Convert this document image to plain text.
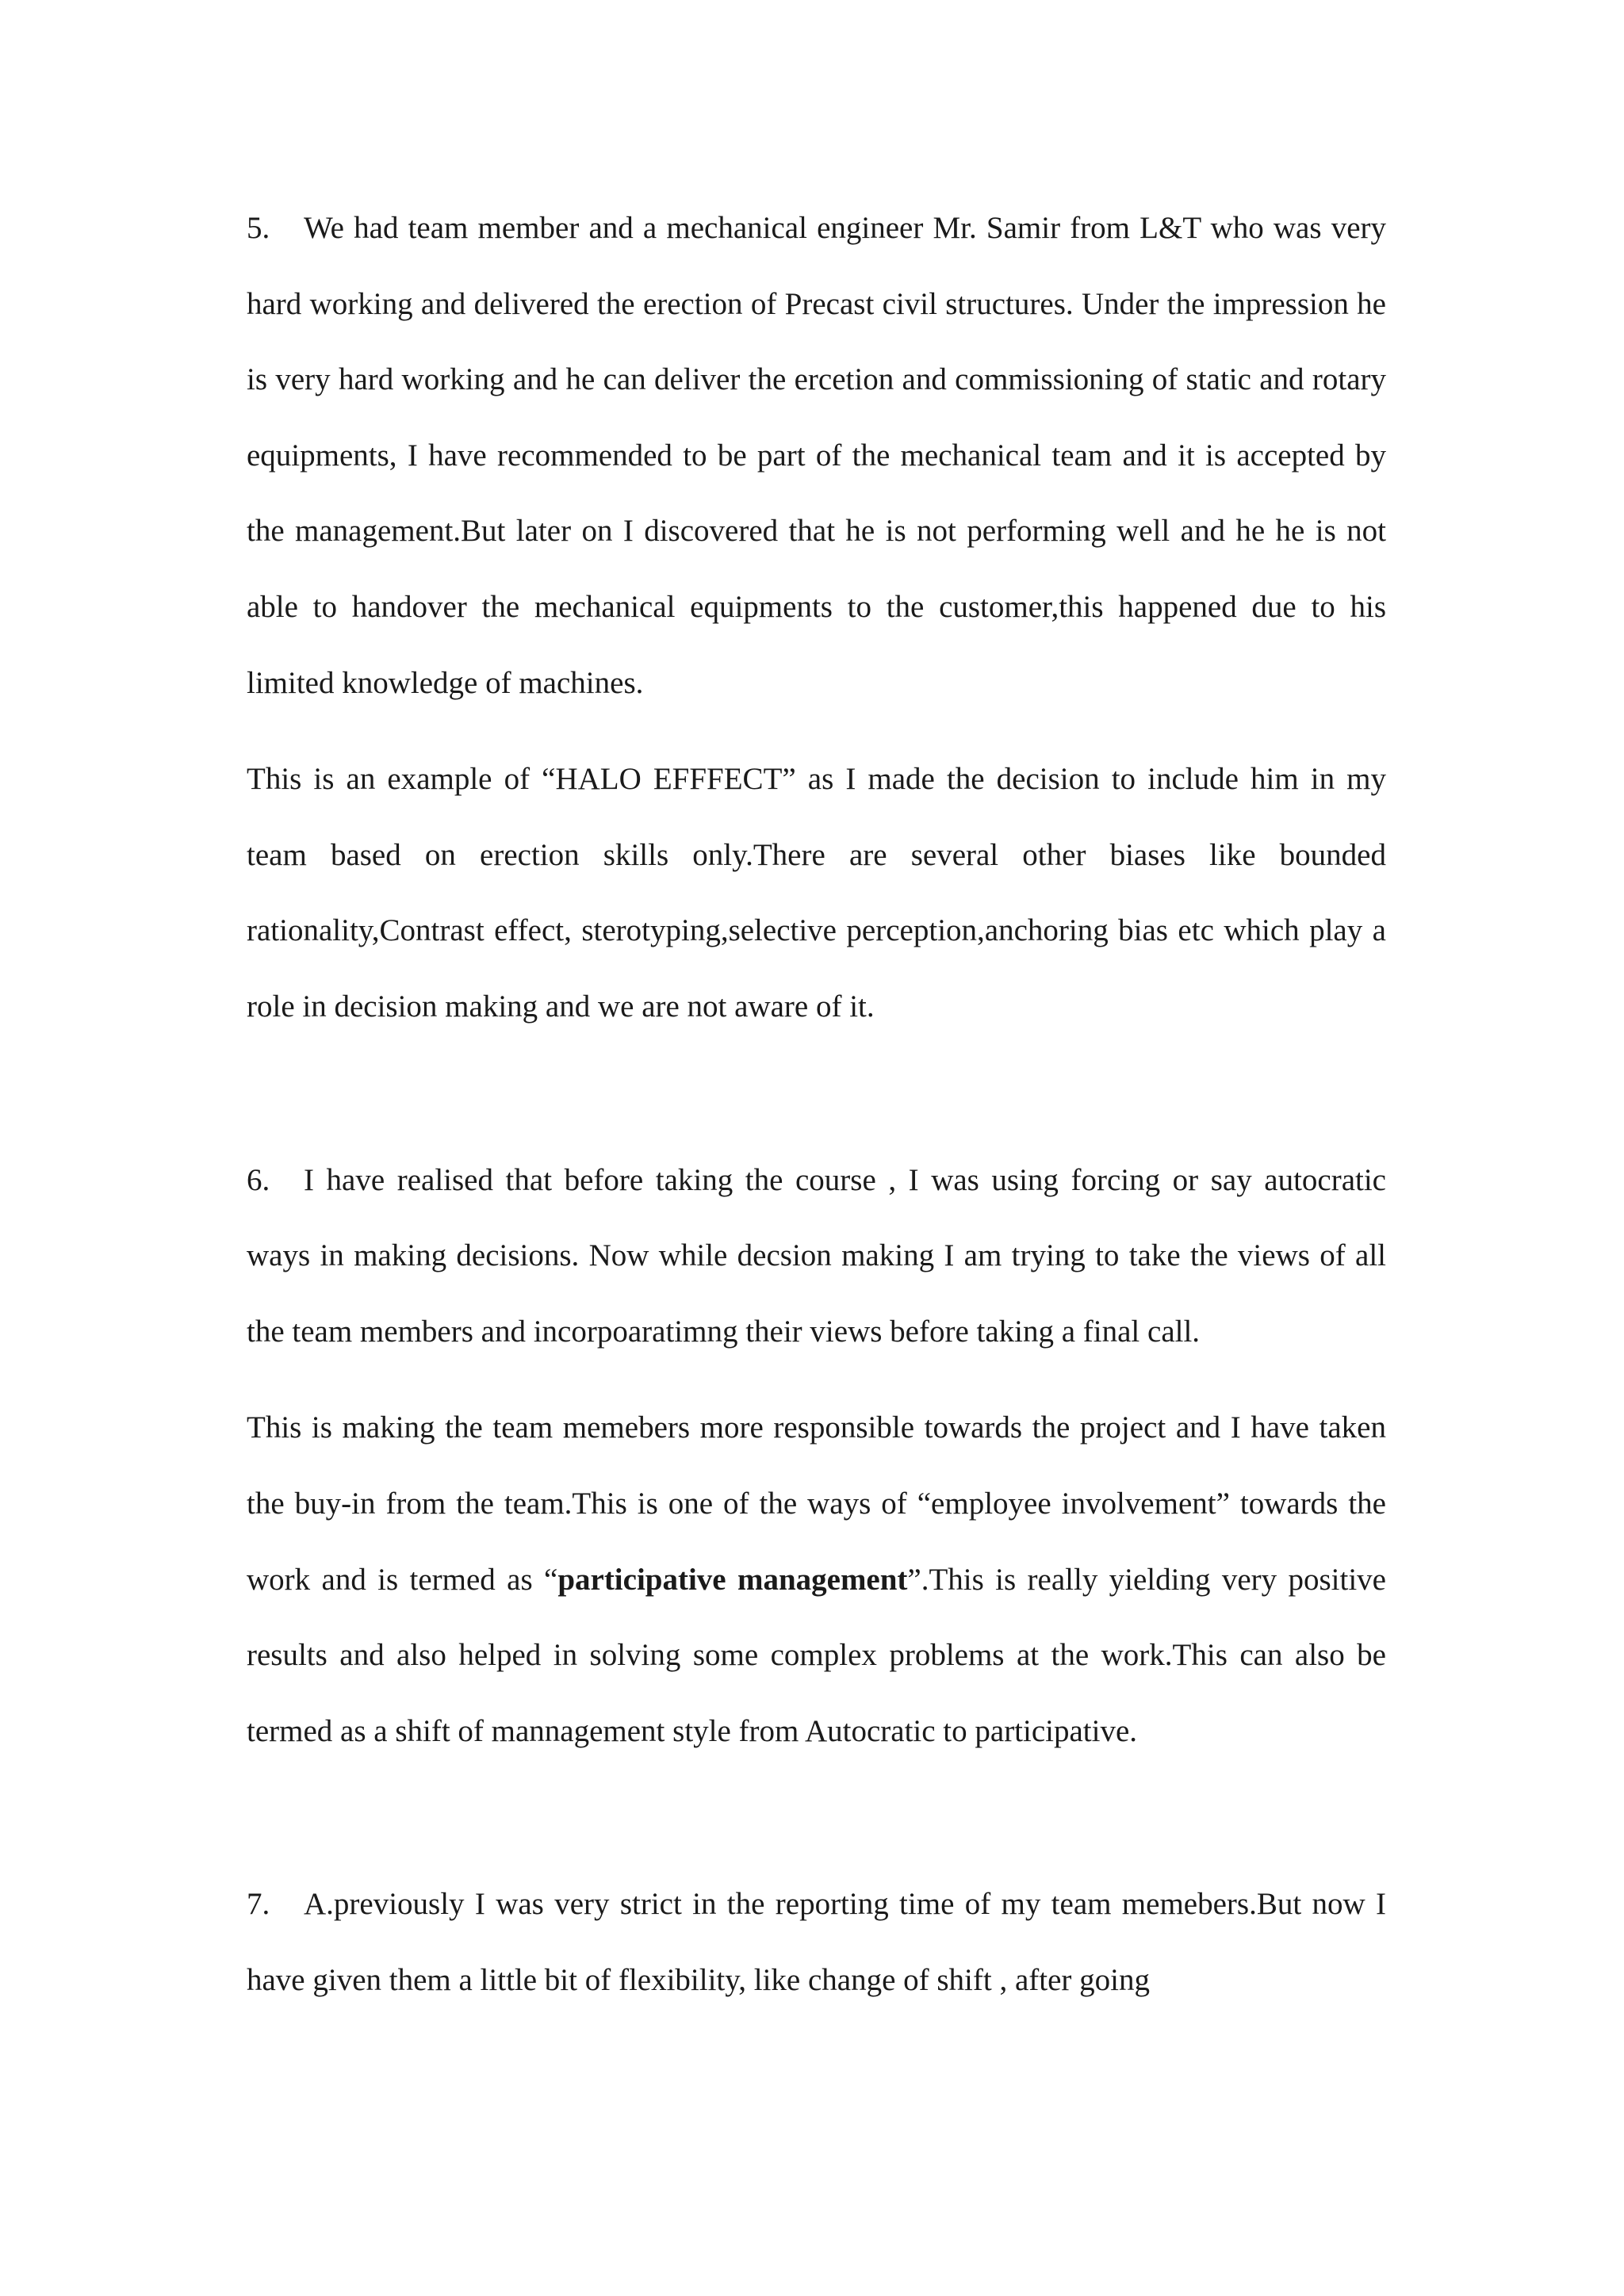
5. We had team member and a mechanical engineer Mr. Samir from L&T who was very hard working and delivered the erection of Precast civil structures. Under the impression he is very hard working and he can deliver the ercetion and commissioning of static and rotary equipments, I have recommended to be part of the mechanical team and it is accepted by the management.But later on I discovered that he is not performing well and he he is not able to handover the mechanical equipments to the customer,this happened due to his limited knowledge of machines.

This is an example of “HALO EFFFECT” as I made the decision to include him in my team based on erection skills only.There are several other biases like bounded rationality,Contrast effect, sterotyping,selective perception,anchoring bias etc which play a role in decision making and we are not aware of it.

6. I have realised that before taking the course , I was using forcing or say autocratic ways in making decisions. Now while decsion making I am trying to take the views of all the team members and incorpoaratimng their views before taking a final call.

This is making the team memebers more responsible towards the project and I have taken the buy-in from the team.This is one of the ways of “employee involvement” towards the work and is termed as “participative management”.This is really yielding very positive results and also helped in solving some complex problems at the work.This can also be termed as a shift of mannagement style from Autocratic to participative.

7. A.previously I was very strict in the reporting time of my team memebers.But now I have given them a little bit of flexibility, like change of shift , after going
